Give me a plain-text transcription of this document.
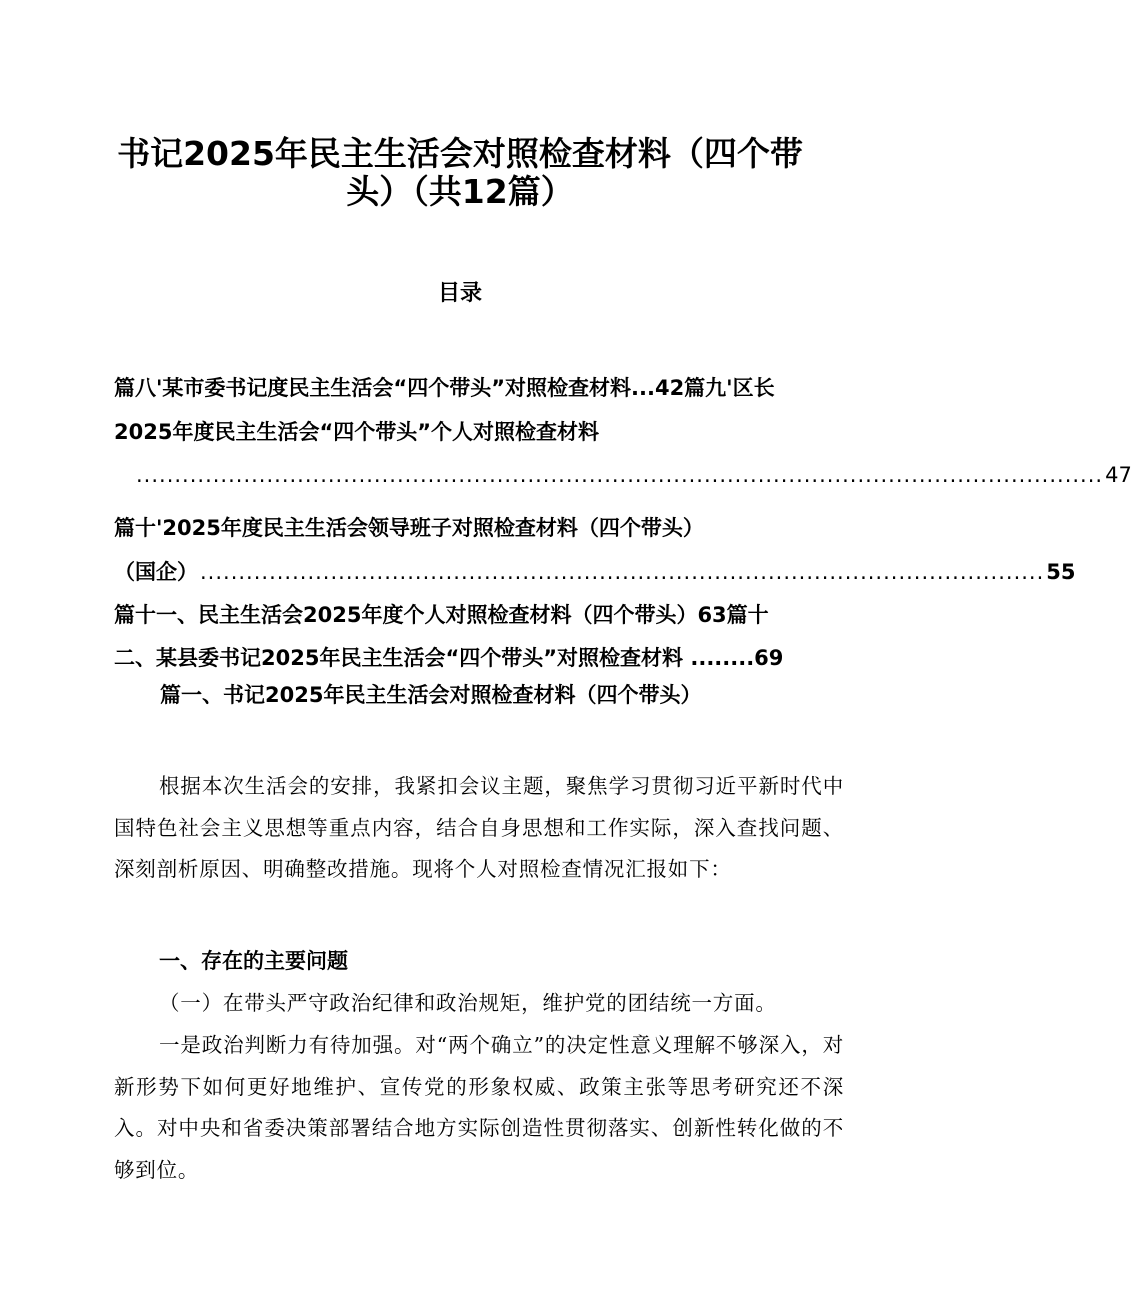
书记2025年民主生活会对照检查材料（四个带
头）（共12篇）
目录
篇八'某市委书记度民主生活会“四个带头”对照检查材料...42篇九'区长
2025年度民主生活会“四个带头”个人对照检查材料
.............................................................................................................................. 47
篇十'2025年度民主生活会领导班子对照检查材料（四个带头）
（国企） .............................................................................................................. 55
篇十一、民主生活会2025年度个人对照检查材料（四个带头）63篇十
二、某县委书记2025年民主生活会“四个带头”对照检查材料 ........69
篇一、书记2025年民主生活会对照检查材料（四个带头）
根据本次生活会的安排，我紧扣会议主题，聚焦学习贯彻习近平新时代中国特色社会主义思想等重点内容，结合自身思想和工作实际，深入查找问题、深刻剖析原因、明确整改措施。现将个人对照检查情况汇报如下：
一、存在的主要问题
（一）在带头严守政治纪律和政治规矩，维护党的团结统一方面。
一是政治判断力有待加强。对“两个确立”的决定性意义理解不够深入，对新形势下如何更好地维护、宣传党的形象权威、政策主张等思考研究还不深入。对中央和省委决策部署结合地方实际创造性贯彻落实、创新性转化做的不够到位。
